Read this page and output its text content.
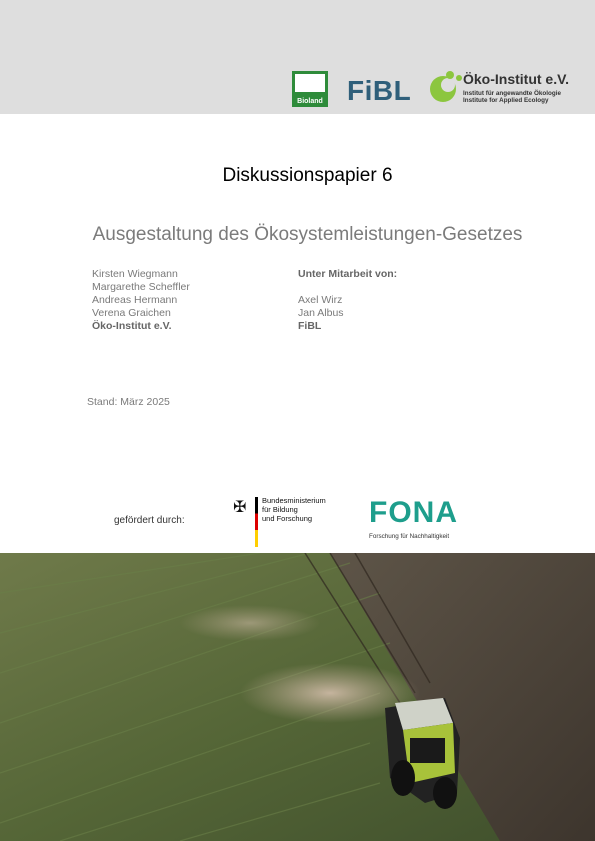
Bioland FiBL	Öko-Institut e.V.
Institut für angewandte Ökologie
Institute for Applied Ecology
Diskussionspapier 6
Ausgestaltung des Ökosystemleistungen-Gesetzes
Kirsten Wiegmann
Margarethe Scheffler
Andreas Hermann
Verena Graichen
Öko-Institut e.V.
Unter Mitarbeit von:
Axel Wirz
Jan Albus
FiBL
Stand: März 2025
gefördert durch:
✠ Bundesministerium
für Bildung
und Forschung FONA
Forschung für Nachhaltigkeit
